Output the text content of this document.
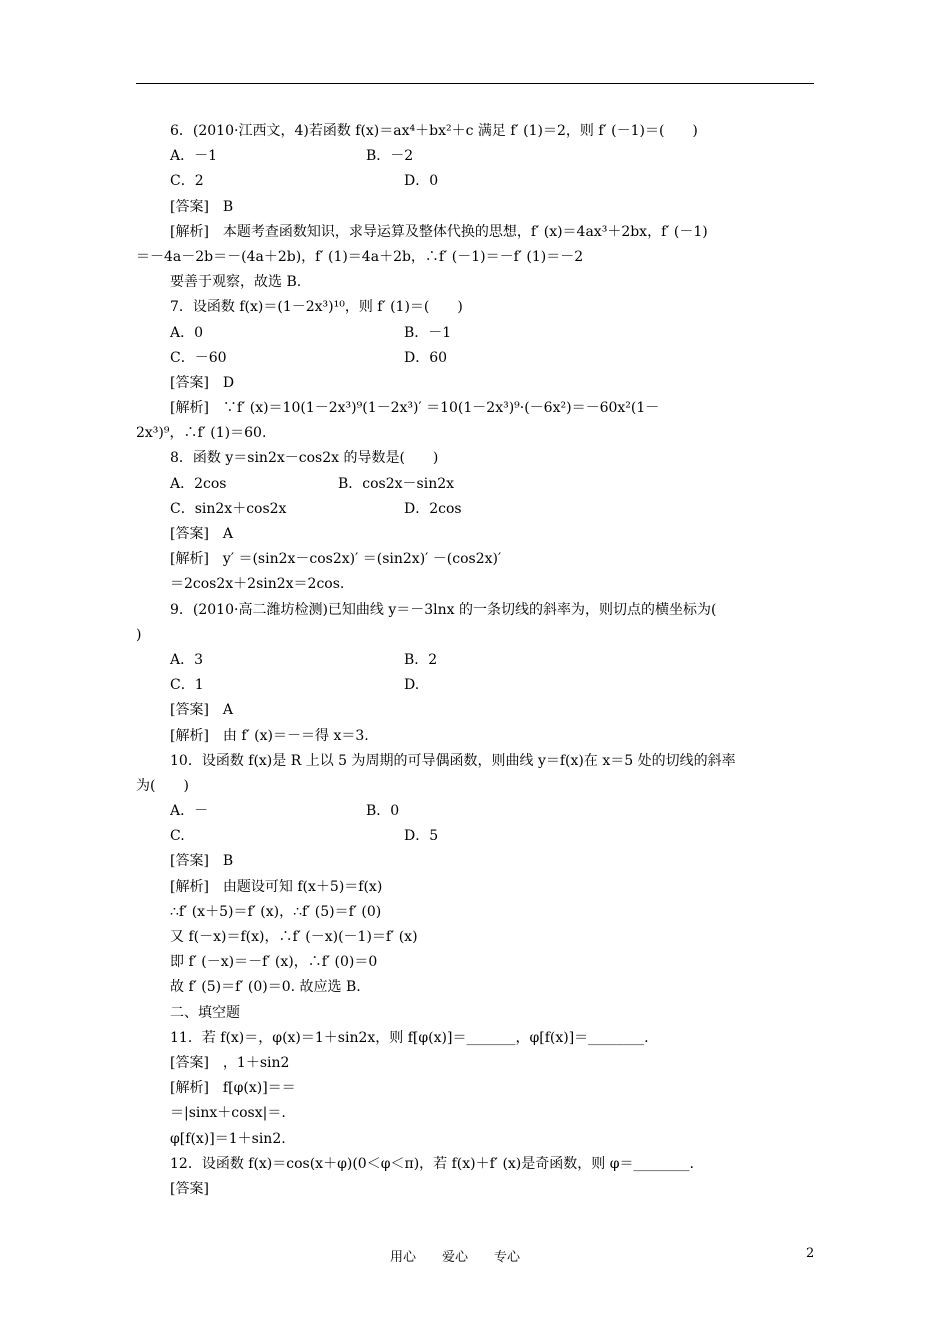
6．(2010·江西文，4)若函数 f(x)＝ax⁴＋bx²＋c 满足 f′ (1)＝2，则 f′ (－1)＝(　　)
A．－1	B．－2
C．2	D．0
[答案]　B
[解析]　本题考查函数知识，求导运算及整体代换的思想，f′ (x)＝4ax³＋2bx，f′ (－1)
＝－4a－2b＝－(4a＋2b)，f′ (1)＝4a＋2b，∴f′ (－1)＝－f′ (1)＝－2
要善于观察，故选 B.
7．设函数 f(x)＝(1－2x³)¹⁰，则 f′ (1)＝(　　)
A．0	B．－1
C．－60	D．60
[答案]　D
[解析]　∵f′ (x)＝10(1－2x³)⁹(1－2x³)′ ＝10(1－2x³)⁹·(－6x²)＝－60x²(1－
2x³)⁹，∴f′ (1)＝60.
8．函数 y＝sin2x－cos2x 的导数是(　　)
A．2cos	B．cos2x－sin2x
C．sin2x＋cos2x	D．2cos
[答案]　A
[解析]　y′ ＝(sin2x－cos2x)′ ＝(sin2x)′ －(cos2x)′
＝2cos2x＋2sin2x＝2cos.
9．(2010·高二潍坊检测)已知曲线 y＝－3lnx 的一条切线的斜率为，则切点的横坐标为(
)
A．3	B．2
C．1	D.
[答案]　A
[解析]　由 f′ (x)＝－＝得 x＝3.
10．设函数 f(x)是 R 上以 5 为周期的可导偶函数，则曲线 y＝f(x)在 x＝5 处的切线的斜率
为(　　)
A．－	B．0
C.	D．5
[答案]　B
[解析]　由题设可知 f(x＋5)＝f(x)
∴f′ (x＋5)＝f′ (x)，∴f′ (5)＝f′ (0)
又 f(－x)＝f(x)，∴f′ (－x)(－1)＝f′ (x)
即 f′ (－x)＝－f′ (x)，∴f′ (0)＝0
故 f′ (5)＝f′ (0)＝0. 故应选 B.
二、填空题
11．若 f(x)＝，φ(x)＝1＋sin2x，则 f[φ(x)]＝_______，φ[f(x)]＝________.
[答案]　，1＋sin2
[解析]　f[φ(x)]＝＝
＝|sinx＋cosx|＝.
φ[f(x)]＝1＋sin2.
12．设函数 f(x)＝cos(x＋φ)(0＜φ＜π)，若 f(x)＋f′ (x)是奇函数，则 φ＝________.
[答案]
用心　　爱心　　专心	2
